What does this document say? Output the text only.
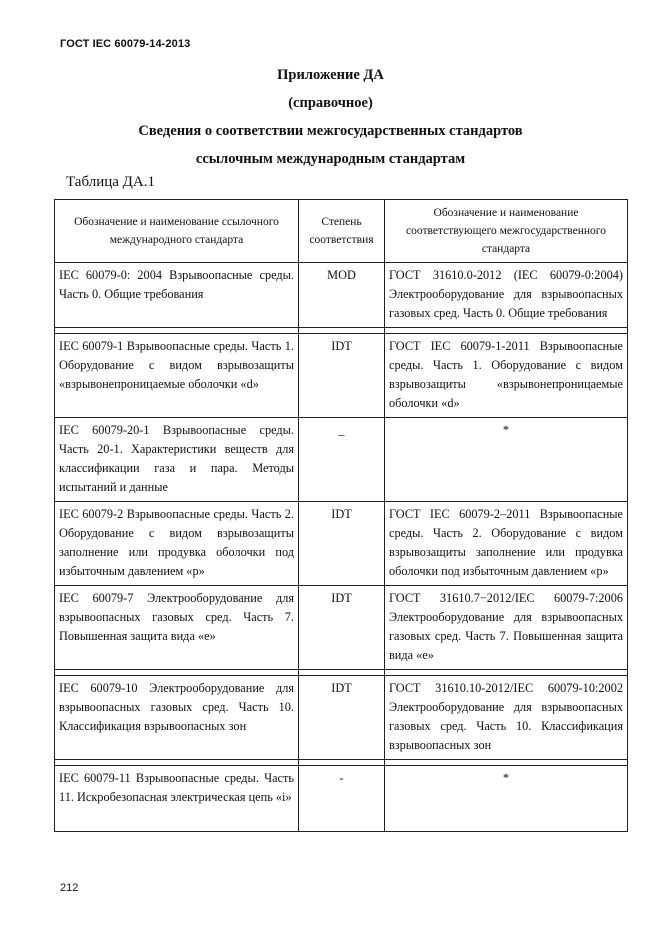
ГОСТ IEC 60079-14-2013
Приложение ДА
(справочное)
Сведения о соответствии межгосударственных стандартов
ссылочным международным стандартам
Таблица ДА.1
Обозначение и наименование ссылочного международного стандарта	Степень соответствия	Обозначение и наименование соответствующего межгосударственного стандарта
IEC 60079-0: 2004 Взрывоопасные среды. Часть 0. Общие требования	MOD	ГОСТ 31610.0-2012 (IEC 60079-0:2004) Электрооборудование для взрывоопасных газовых сред. Часть 0. Общие требования

IEC 60079-1 Взрывоопасные среды. Часть 1. Оборудование с видом взрывозащиты «взрывонепроницаемые оболочки «d»	IDT	ГОСТ IEC 60079-1-2011 Взрывоопасные среды. Часть 1. Оборудование с видом взрывозащиты «взрывонепроницаемые оболочки «d»
IEC 60079-20-1 Взрывоопасные среды. Часть 20-1. Характеристики веществ для классификации газа и пара. Методы испытаний и данные	_	*
IEC 60079-2 Взрывоопасные среды. Часть 2. Оборудование с видом взрывозащиты заполнение или продувка оболочки под избыточным давлением «р»	IDT	ГОСТ IEC 60079-2–2011 Взрывоопасные среды. Часть 2. Оборудование с видом взрывозащиты заполнение или продувка оболочки под избыточным давлением «р»
IEC 60079-7 Электрооборудование для взрывоопасных газовых сред. Часть 7. Повышенная защита вида «е»	IDT	ГОСТ 31610.7−2012/IEC 60079-7:2006 Электрооборудование для взрывоопасных газовых сред. Часть 7. Повышенная защита вида «е»

IEC 60079-10 Электрооборудование для взрывоопасных газовых сред. Часть 10. Классификация взрывоопасных зон	IDT	ГОСТ 31610.10-2012/IEC 60079-10:2002 Электрооборудование для взрывоопасных газовых сред. Часть 10. Классификация взрывоопасных зон

IEC 60079-11 Взрывоопасные среды. Часть 11. Искробезопасная электрическая цепь «i»	-	*
212
